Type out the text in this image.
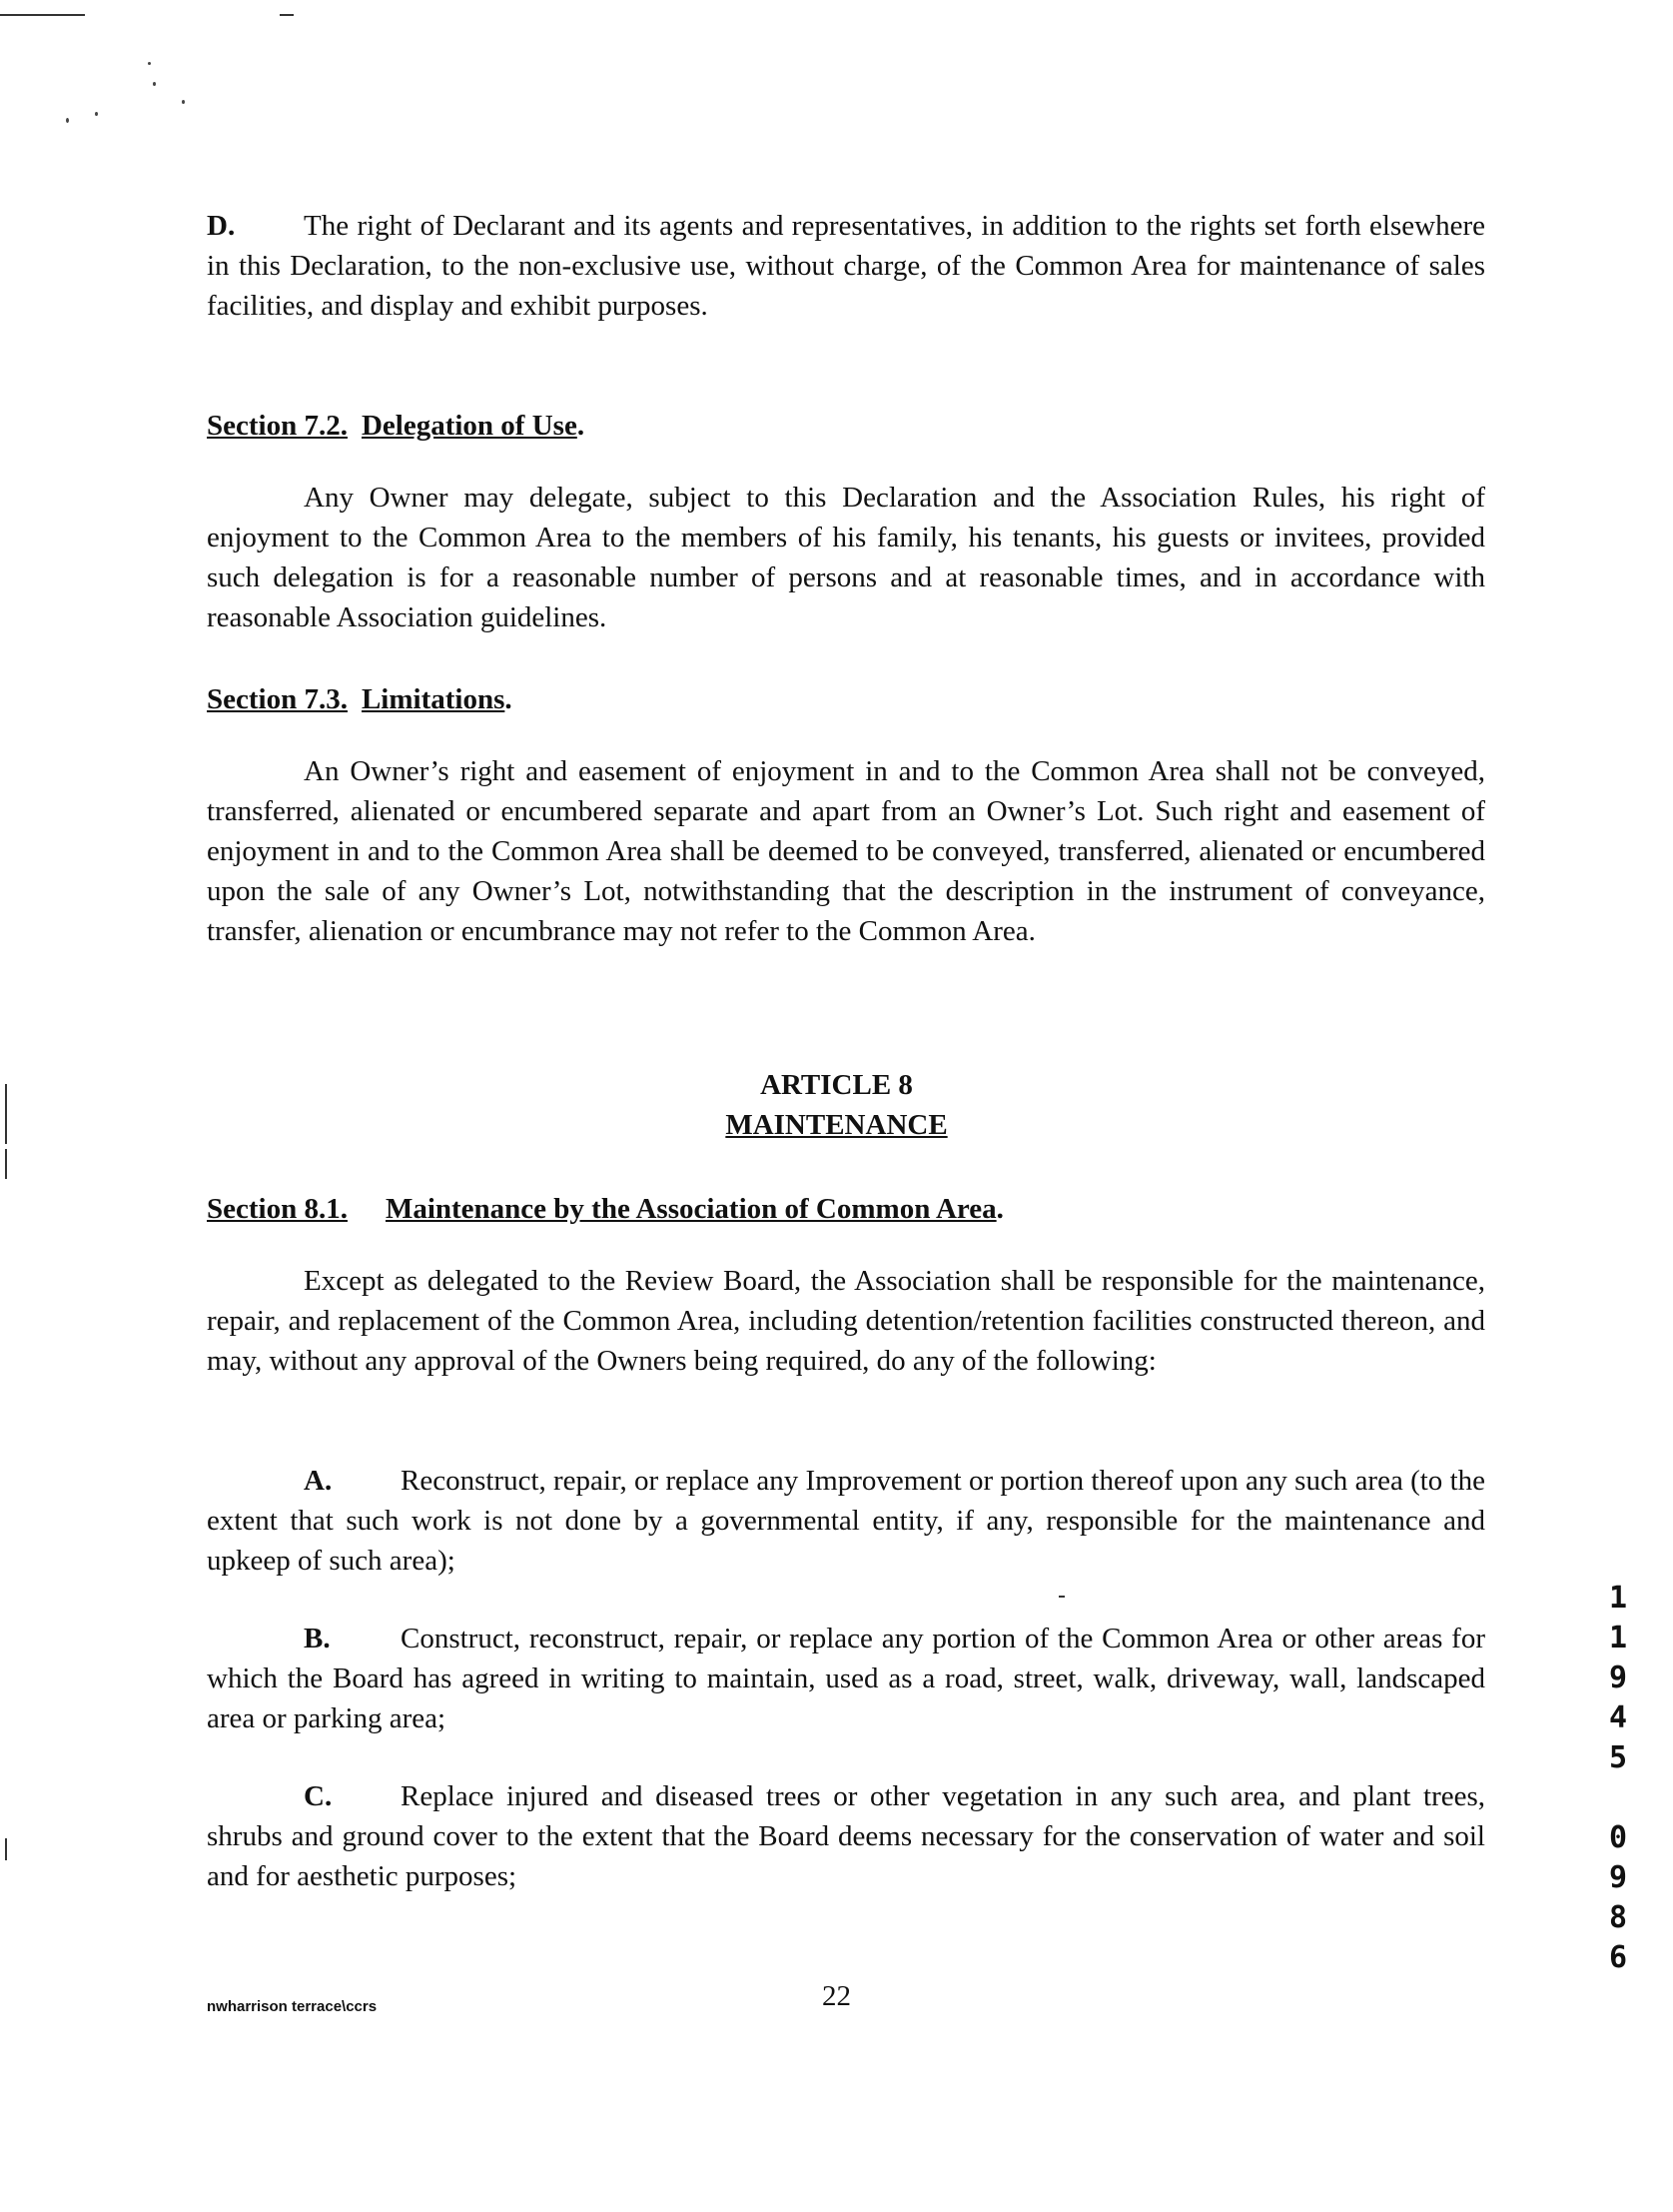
D. The right of Declarant and its agents and representatives, in addition to the rights set forth elsewhere in this Declaration, to the non-exclusive use, without charge, of the Common Area for maintenance of sales facilities, and display and exhibit purposes.
Section 7.2. Delegation of Use.
Any Owner may delegate, subject to this Declaration and the Association Rules, his right of enjoyment to the Common Area to the members of his family, his tenants, his guests or invitees, provided such delegation is for a reasonable number of persons and at reasonable times, and in accordance with reasonable Association guidelines.
Section 7.3. Limitations.
An Owner’s right and easement of enjoyment in and to the Common Area shall not be conveyed, transferred, alienated or encumbered separate and apart from an Owner’s Lot. Such right and easement of enjoyment in and to the Common Area shall be deemed to be conveyed, transferred, alienated or encumbered upon the sale of any Owner’s Lot, notwithstanding that the description in the instrument of conveyance, transfer, alienation or encumbrance may not refer to the Common Area.
ARTICLE 8
MAINTENANCE
Section 8.1. Maintenance by the Association of Common Area.
Except as delegated to the Review Board, the Association shall be responsible for the maintenance, repair, and replacement of the Common Area, including detention/retention facilities constructed thereon, and may, without any approval of the Owners being required, do any of the following:
A. Reconstruct, repair, or replace any Improvement or portion thereof upon any such area (to the extent that such work is not done by a governmental entity, if any, responsible for the maintenance and upkeep of such area);
B. Construct, reconstruct, repair, or replace any portion of the Common Area or other areas for which the Board has agreed in writing to maintain, used as a road, street, walk, driveway, wall, landscaped area or parking area;
C. Replace injured and diseased trees or other vegetation in any such area, and plant trees, shrubs and ground cover to the extent that the Board deems necessary for the conservation of water and soil and for aesthetic purposes;
nwharrison terrace\ccrs	22
1
1
9
4
5
0
9
8
6
